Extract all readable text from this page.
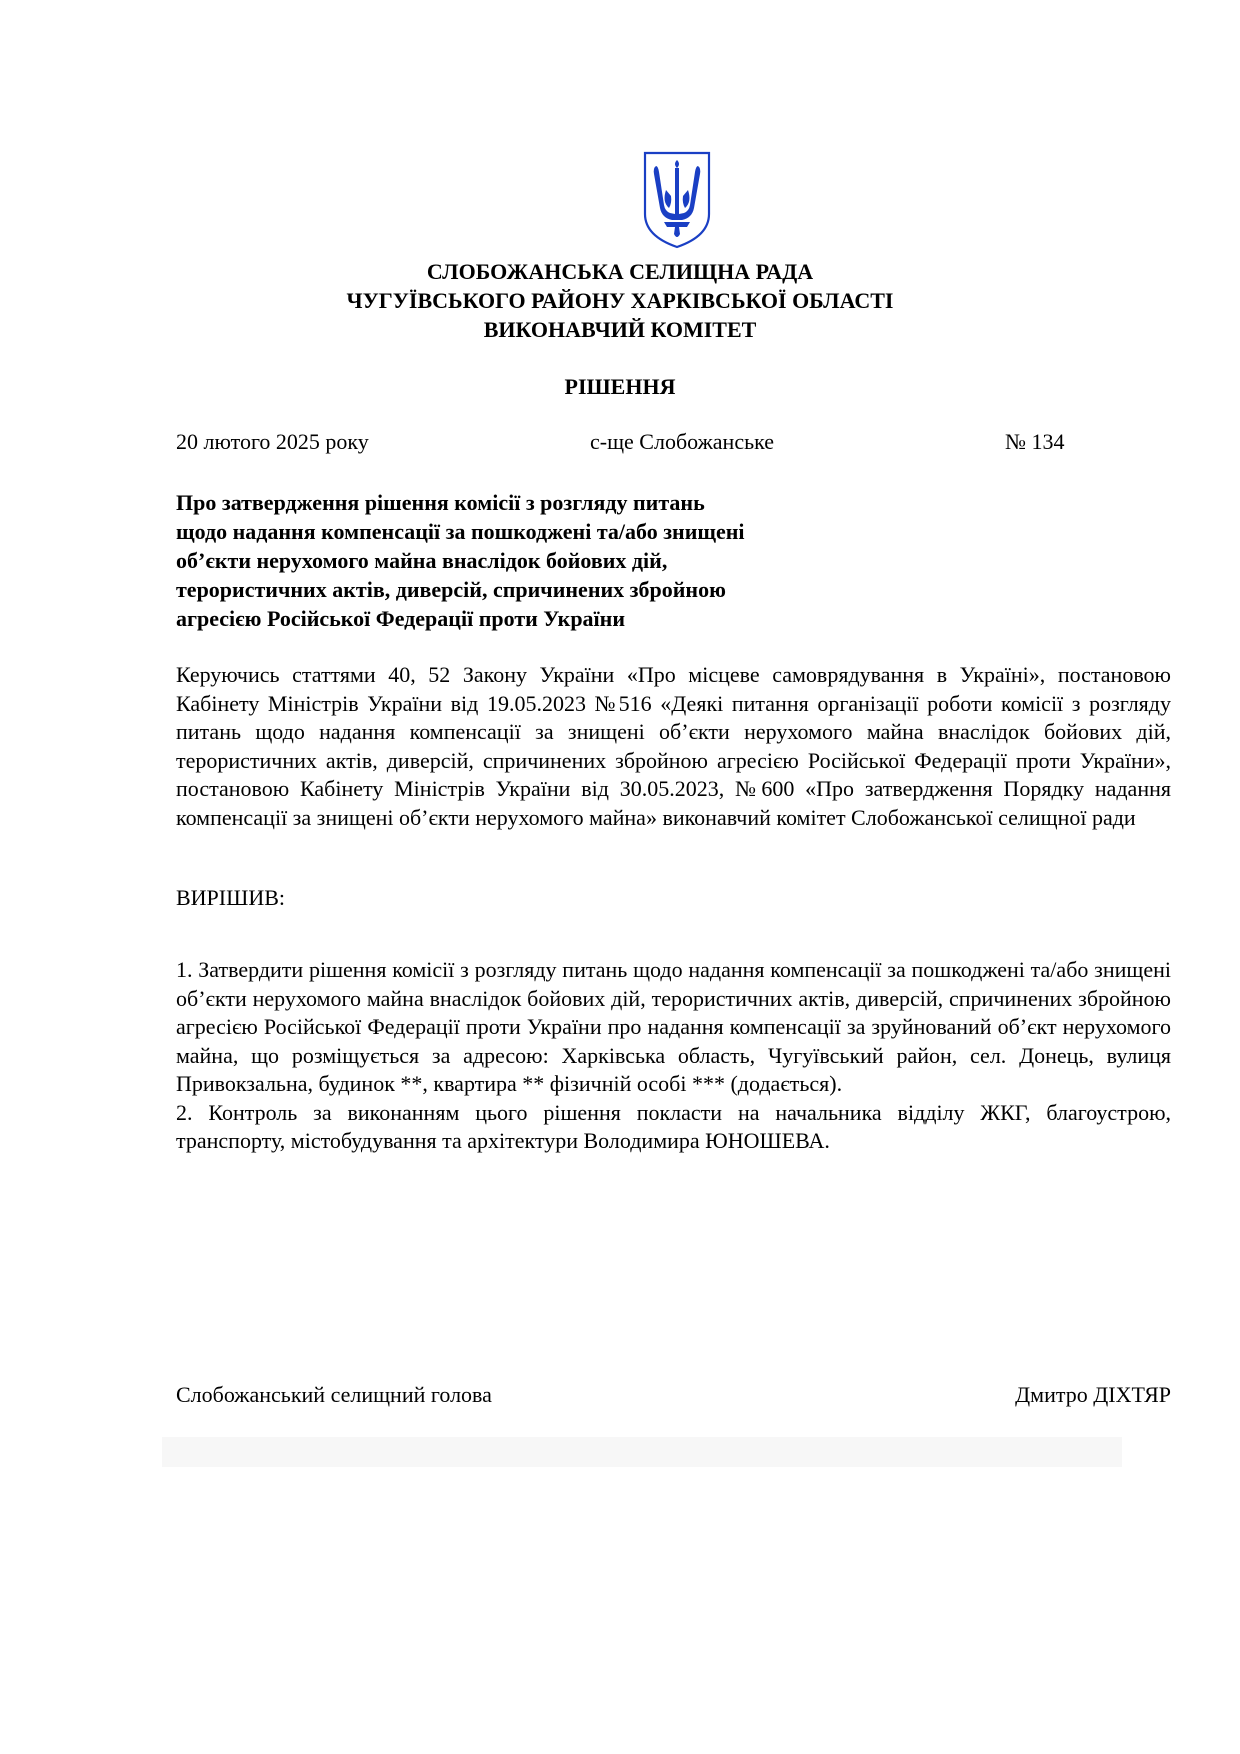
СЛОБОЖАНСЬКА СЕЛИЩНА РАДА
ЧУГУЇВСЬКОГО РАЙОНУ ХАРКІВСЬКОЇ ОБЛАСТІ
ВИКОНАВЧИЙ КОМІТЕТ
РІШЕННЯ
20 лютого 2025 року	с-ще Слобожанське	№ 134
Про затвердження рішення комісії з розгляду питань
щодо надання компенсації за пошкоджені та/або знищені
об’єкти нерухомого майна внаслідок бойових дій,
терористичних актів, диверсій, спричинених збройною
агресією Російської Федерації проти України
Керуючись статтями 40, 52 Закону України «Про місцеве самоврядування в Україні», постановою Кабінету Міністрів України від 19.05.2023 №516 «Деякі питання організації роботи комісії з розгляду питань щодо надання компенсації за знищені об’єкти нерухомого майна внаслідок бойових дій, терористичних актів, диверсій, спричинених збройною агресією Російської Федерації проти України», постановою Кабінету Міністрів України від 30.05.2023, №600 «Про затвердження Порядку надання компенсації за знищені об’єкти нерухомого майна» виконавчий комітет Слобожанської селищної ради
ВИРІШИВ:

1. Затвердити рішення комісії з розгляду питань щодо надання компенсації за пошкоджені та/або знищені об’єкти нерухомого майна внаслідок бойових дій, терористичних актів, диверсій, спричинених збройною агресією Російської Федерації проти України про надання компенсації за зруйнований об’єкт нерухомого майна, що розміщується за адресою: Харківська область, Чугуївський район, сел. Донець, вулиця Привокзальна, будинок **, квартира ** фізичній особі *** (додається).

2. Контроль за виконанням цього рішення покласти на начальника відділу ЖКГ, благоустрою, транспорту, містобудування та архітектури Володимира ЮНОШЕВА.

Слобожанський селищний голова	Дмитро ДІХТЯР
